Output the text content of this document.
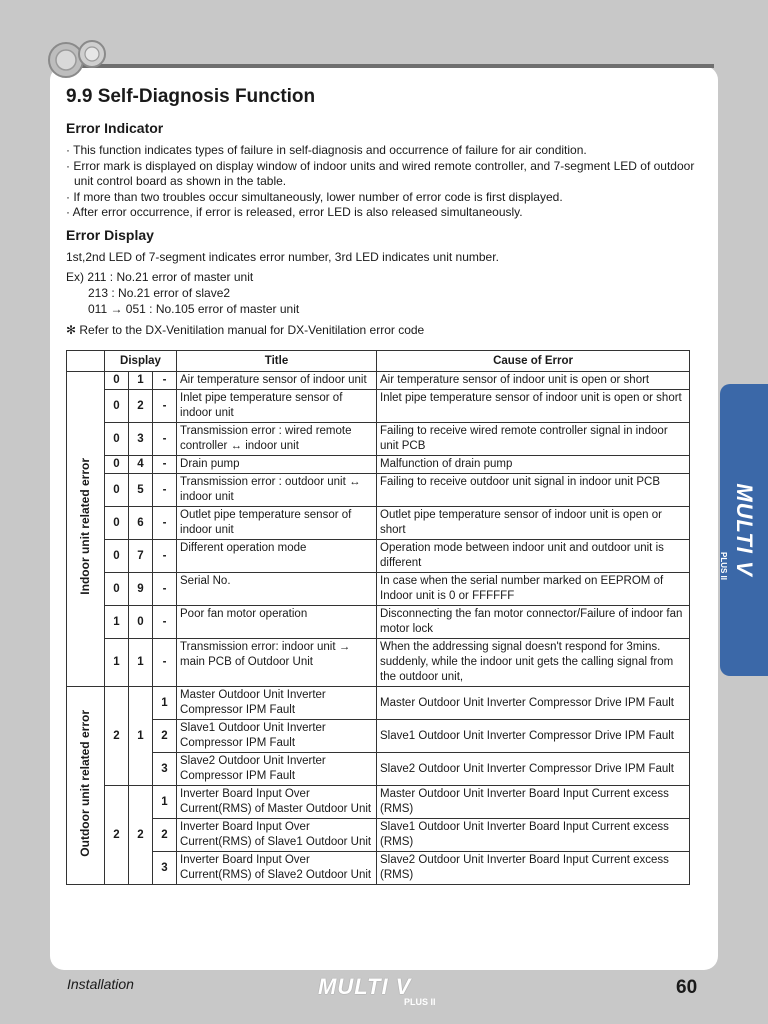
MULTI V
PLUS II
9.9 Self-Diagnosis Function
Error Indicator
· This function indicates types of failure in self-diagnosis and occurrence of failure for air condition.
· Error mark is displayed on display window of indoor units and wired remote controller, and 7-segment LED of outdoor unit control board as shown in the table.
· If more than two troubles occur simultaneously, lower number of error code is first displayed.
· After error occurrence, if error is released, error LED is also released simultaneously.
Error Display

1st,2nd LED of 7-segment indicates error number, 3rd LED indicates unit number.

Ex) 211 : No.21 error of master unit

213 : No.21 error of slave2

011 → 051 : No.105 error of master unit

✻ Refer to the DX-Venitilation manual for DX-Venitilation error code

	Display			Title	Cause of Error
Indoor unit related error	0	1	-	Air temperature sensor of indoor unit	Air temperature sensor of indoor unit is open or short
	0	2	-	Inlet pipe temperature sensor of indoor unit	Inlet pipe temperature sensor of indoor unit is open or short
	0	3	-	Transmission error : wired remote controller ↔ indoor unit	Failing to receive wired remote controller signal in indoor unit PCB
	0	4	-	Drain pump	Malfunction of drain pump
	0	5	-	Transmission error : outdoor unit ↔ indoor unit	Failing to receive outdoor unit signal in indoor unit PCB
	0	6	-	Outlet pipe temperature sensor of indoor unit	Outlet pipe temperature sensor of indoor unit is open or short
	0	7	-	Different operation mode	Operation mode between indoor unit and outdoor unit is different
	0	9	-	Serial No.	In case when the serial number marked on EEPROM of Indoor unit is 0 or FFFFFF
	1	0	-	Poor fan motor operation	Disconnecting the fan motor connector/Failure of indoor fan motor lock
	1	1	-	Transmission error: indoor unit → main PCB of Outdoor Unit	When the addressing signal doesn't respond for 3mins. suddenly, while the indoor unit gets the calling signal from the outdoor unit,
Outdoor unit related error	2	1	1	Master Outdoor Unit Inverter Compressor IPM Fault	Master Outdoor Unit Inverter Compressor Drive IPM Fault
			2	Slave1 Outdoor Unit Inverter Compressor IPM Fault	Slave1 Outdoor Unit Inverter Compressor Drive IPM Fault
			3	Slave2 Outdoor Unit Inverter Compressor IPM Fault	Slave2 Outdoor Unit Inverter Compressor Drive IPM Fault
	2	2	1	Inverter Board Input Over Current(RMS) of Master Outdoor Unit	Master Outdoor Unit Inverter Board Input Current excess (RMS)
			2	Inverter Board Input Over Current(RMS) of Slave1 Outdoor Unit	Slave1 Outdoor Unit Inverter Board Input Current excess (RMS)
			3	Inverter Board Input Over Current(RMS) of Slave2 Outdoor Unit	Slave2 Outdoor Unit Inverter Board Input Current excess (RMS)
Installation	MULTI V
PLUS II
60
